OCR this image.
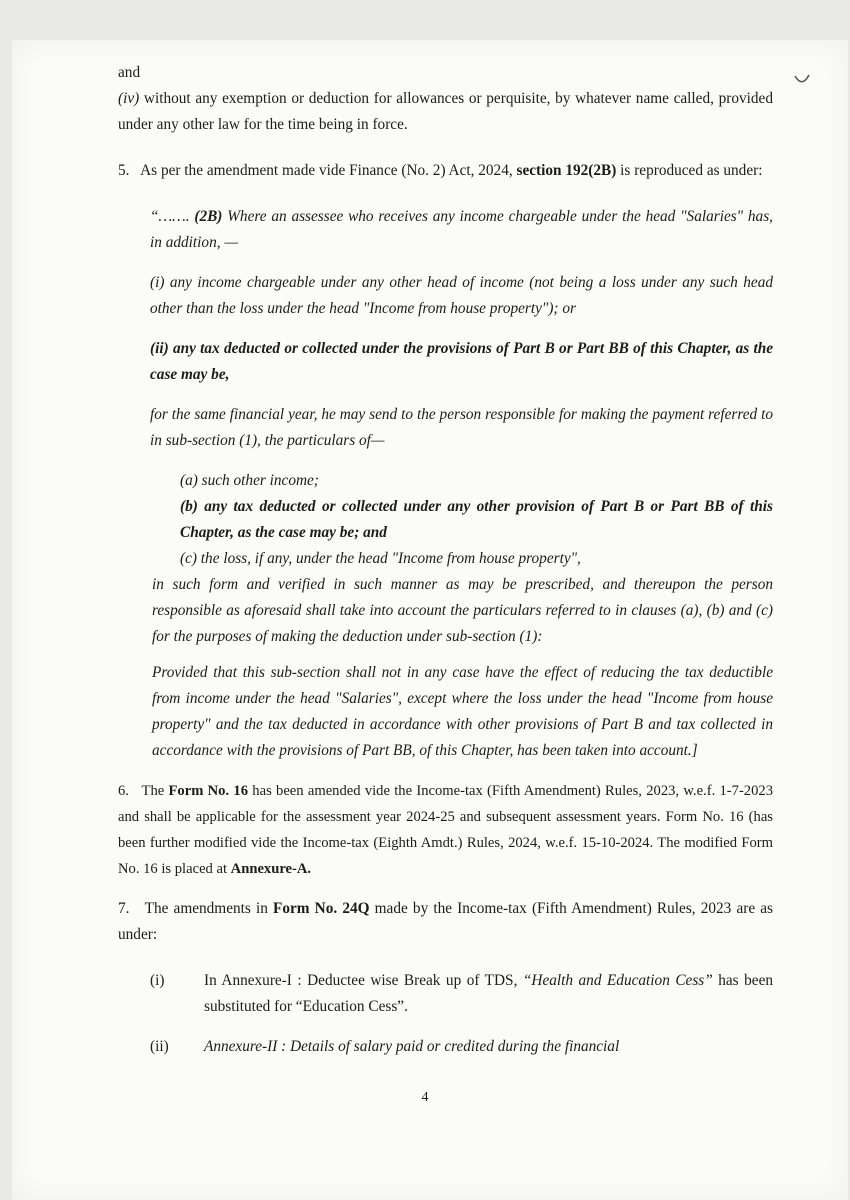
and

(iv) without any exemption or deduction for allowances or perquisite, by whatever name called, provided under any other law for the time being in force.

5. As per the amendment made vide Finance (No. 2) Act, 2024, section 192(2B) is reproduced as under:

“……. (2B) Where an assessee who receives any income chargeable under the head "Salaries" has, in addition, —

(i) any income chargeable under any other head of income (not being a loss under any such head other than the loss under the head "Income from house property"); or

(ii) any tax deducted or collected under the provisions of Part B or Part BB of this Chapter, as the case may be,

for the same financial year, he may send to the person responsible for making the payment referred to in sub-section (1), the particulars of—

(a) such other income;

(b) any tax deducted or collected under any other provision of Part B or Part BB of this Chapter, as the case may be; and

(c) the loss, if any, under the head "Income from house property",

in such form and verified in such manner as may be prescribed, and thereupon the person responsible as aforesaid shall take into account the particulars referred to in clauses (a), (b) and (c) for the purposes of making the deduction under sub-section (1):

Provided that this sub-section shall not in any case have the effect of reducing the tax deductible from income under the head "Salaries", except where the loss under the head "Income from house property" and the tax deducted in accordance with other provisions of Part B and tax collected in accordance with the provisions of Part BB, of this Chapter, has been taken into account.]

6. The Form No. 16 has been amended vide the Income-tax (Fifth Amendment) Rules, 2023, w.e.f. 1-7-2023 and shall be applicable for the assessment year 2024-25 and subsequent assessment years. Form No. 16 (has been further modified vide the Income-tax (Eighth Amdt.) Rules, 2024, w.e.f. 15-10-2024. The modified Form No. 16 is placed at Annexure-A.

7. The amendments in Form No. 24Q made by the Income-tax (Fifth Amendment) Rules, 2023 are as under:

(i)	In Annexure-I : Deductee wise Break up of TDS, “Health and Education Cess” has been substituted for “Education Cess”.
(ii)	Annexure-II : Details of salary paid or credited during the financial
4
